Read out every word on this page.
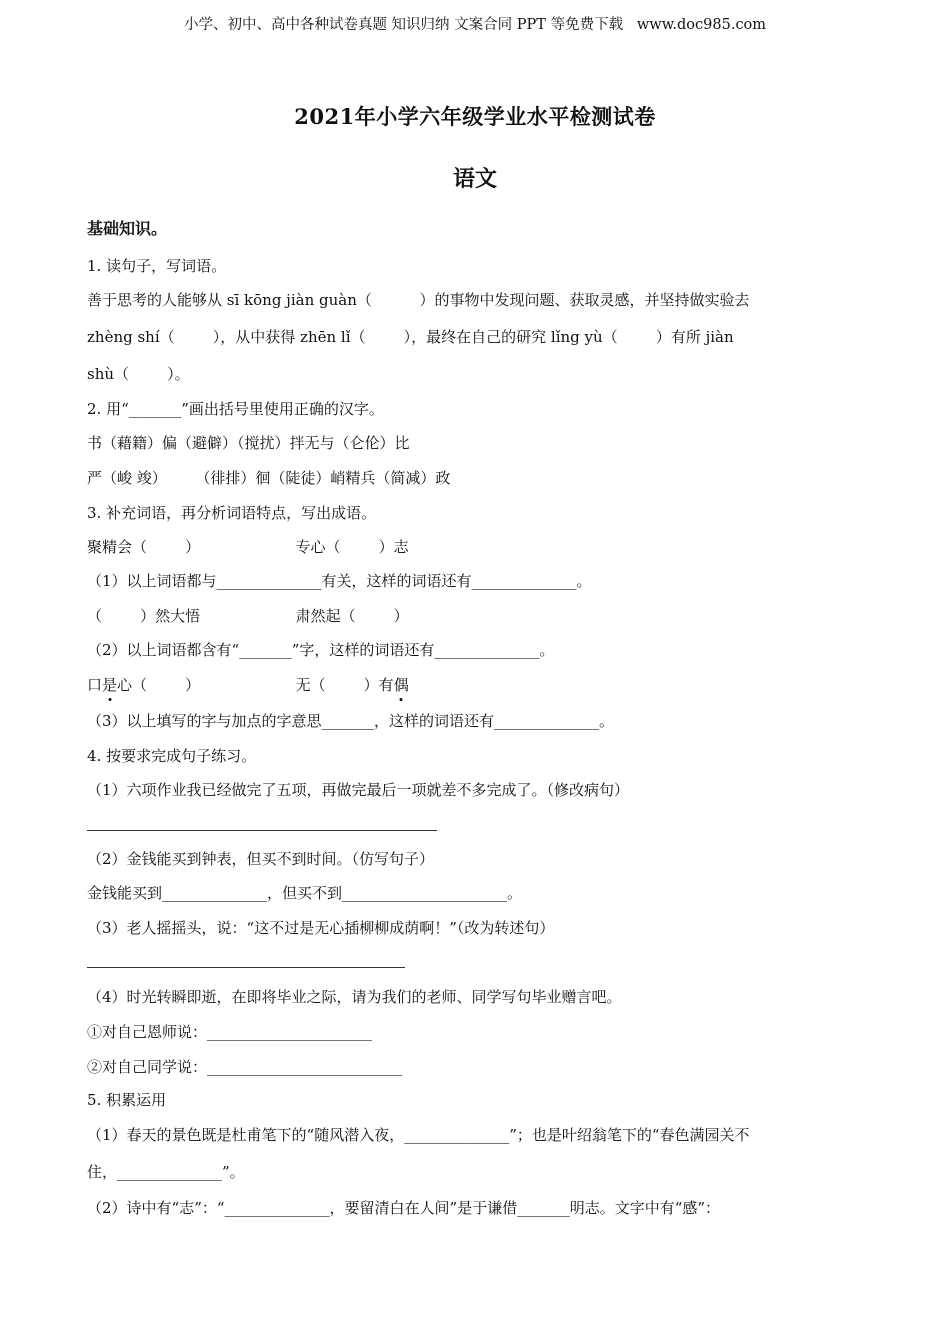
小学、初中、高中各种试卷真题 知识归纳 文案合同 PPT 等免费下载   www.doc985.com
2021年小学六年级学业水平检测试卷
语文
基础知识。
1. 读句子，写词语。
善于思考的人能够从 sī kōng jiàn guàn（          ）的事物中发现问题、获取灵感，并坚持做实验去
zhèng shí（        ），从中获得 zhēn lǐ（        ），最终在自己的研究 lǐng yù（        ）有所 jiàn
shù（        ）。
2. 用“_______”画出括号里使用正确的汉字。
书（藉籍）偏（避僻）（搅扰）拌无与（仑伦）比
严（峻 竣）      （徘排）徊（陡徒）峭精兵（简减）政
3. 补充词语，再分析词语特点，写出成语。
聚精会（        ）                    专心（        ）志
（1）以上词语都与______________有关，这样的词语还有______________。
（        ）然大悟                    肃然起（        ）
（2）以上词语都含有“_______”字，这样的词语还有______________。
口是心（        ）                    无（        ）有偶
（3）以上填写的字与加点的字意思_______，这样的词语还有______________。
4. 按要求完成句子练习。
（1）六项作业我已经做完了五项，再做完最后一项就差不多完成了。（修改病句）
（2）金钱能买到钟表，但买不到时间。（仿写句子）
金钱能买到______________，但买不到______________________。
（3）老人摇摇头，说：“这不过是无心插柳柳成荫啊！”（改为转述句）
（4）时光转瞬即逝，在即将毕业之际，请为我们的老师、同学写句毕业赠言吧。
①对自己恩师说：______________________
②对自己同学说：__________________________
5. 积累运用
（1）春天的景色既是杜甫笔下的“随风潜入夜，______________”；也是叶绍翁笔下的“春色满园关不
住，______________”。
（2）诗中有“志”：“______________，要留清白在人间”是于谦借_______明志。文字中有“感”：
